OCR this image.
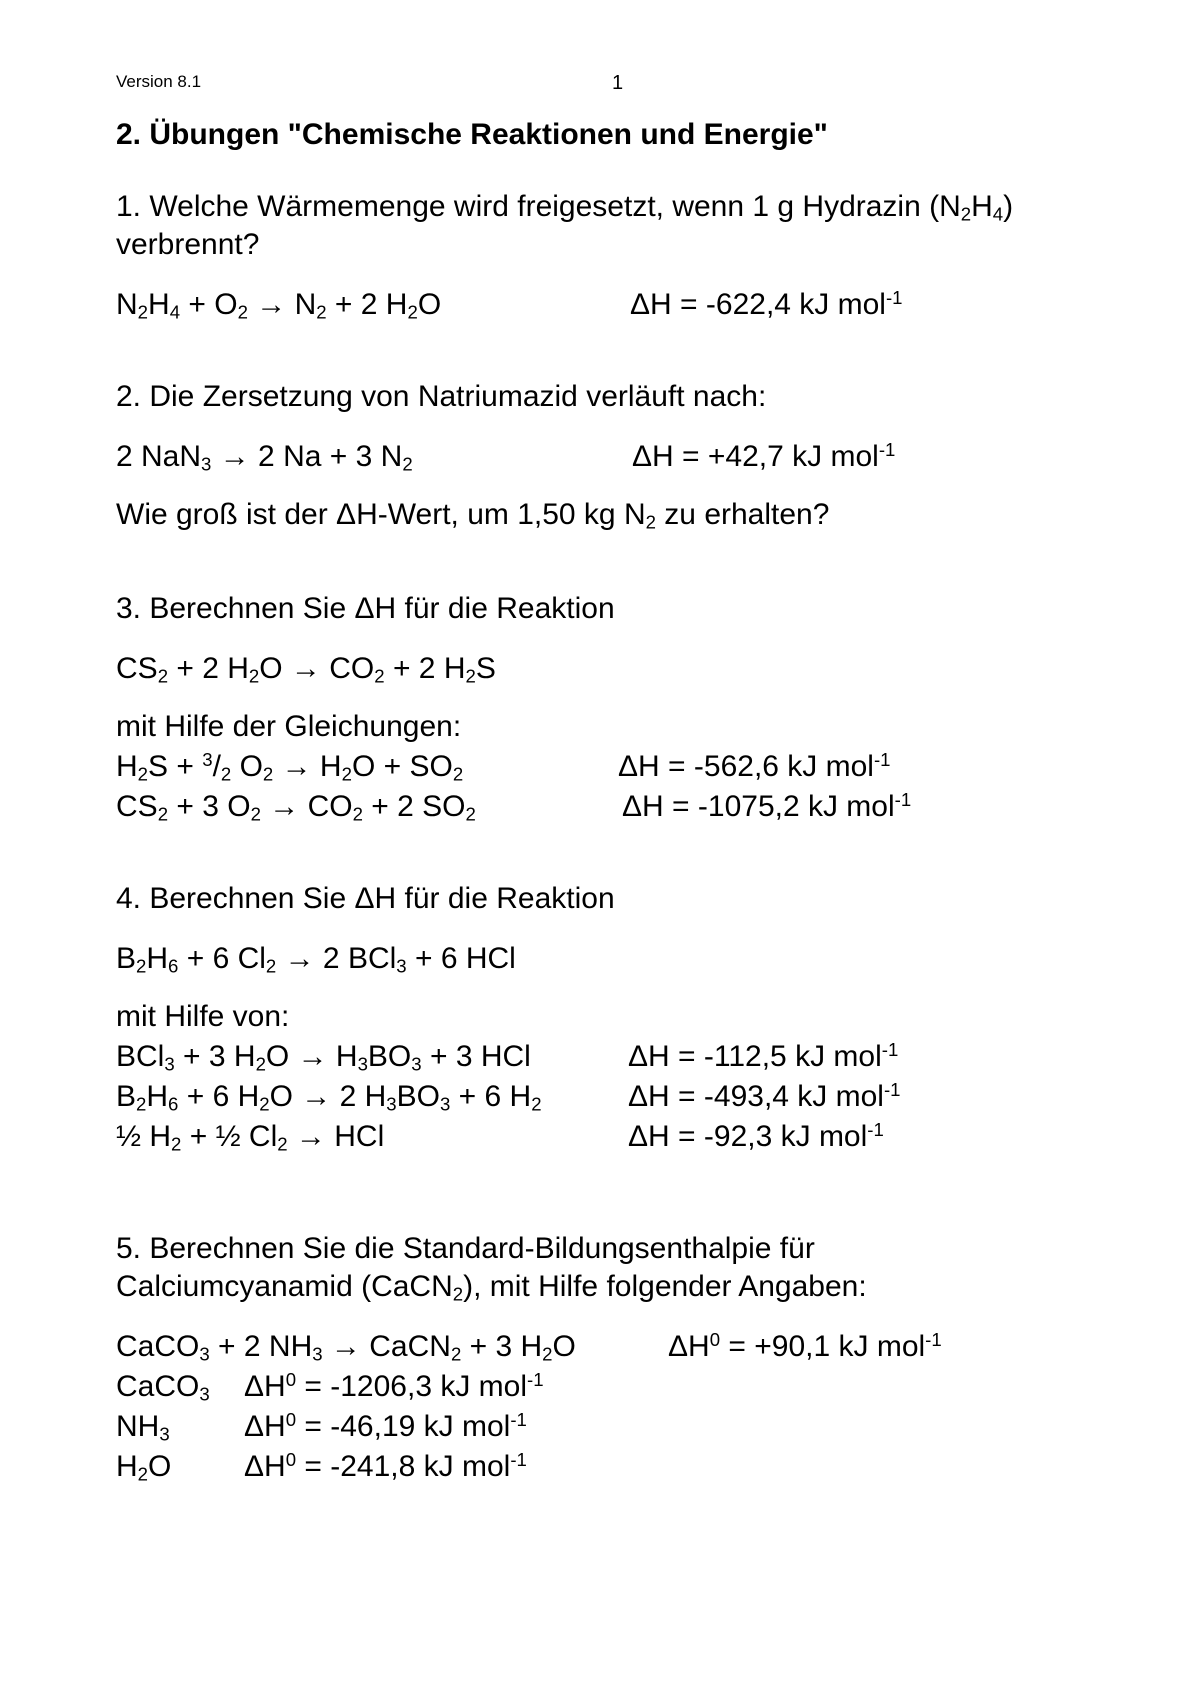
Version 8.1	1
2. Übungen "Chemische Reaktionen und Energie"
1. Welche Wärmemenge wird freigesetzt, wenn 1 g Hydrazin $(N_2H_4)$
verbrennt?
$N_2H_4 + O_2 \to N_2 + 2$ $H_2O$	ΔH = -622,4 kJ mol$^{-1}$
2. Die Zersetzung von Natriumazid verläuft nach:
2 NaN$_3$ → 2 Na + 3 $N_2$	ΔH = +42,7 kJ mol$^{-1}$
Wie groß ist der ΔH-Wert, um 1,50 kg $N_2$ zu erhalten?
3. Berechnen Sie ΔH für die Reaktion
$CS_2 + 2$ $H_2O \to CO_2 + 2$ $H_2S$
mit Hilfe der Gleichungen:
$H_2S + ^3/_2$ $O_2 \to H_2O + SO_2$	ΔH = -562,6 kJ mol$^{-1}$
$CS_2 + 3$ $O_2 \to CO_2 + 2$ $SO_2$	ΔH = -1075,2 kJ mol$^{-1}$
4. Berechnen Sie ΔH für die Reaktion
$B_2H_6 + 6$ $Cl_2 \to 2$ BCl$_3$ + 6 HCl
mit Hilfe von:
BCl$_3$ + 3 $H_2O \to H_3BO_3 + 3$ HCl	ΔH = -112,5 kJ mol$^{-1}$
$B_2H_6 + 6$ $H_2O \to 2$ $H_3BO_3 + 6$ $H_2$	ΔH = -493,4 kJ mol$^{-1}$
½ $H_2$ + ½ $Cl_2$ → HCl	ΔH = -92,3 kJ mol$^{-1}$
5. Berechnen Sie die Standard-Bildungsenthalpie für
Calciumcyanamid (CaCN$_2$), mit Hilfe folgender Angaben:
CaCO$_3$ + 2 $NH_3$ → CaCN$_2$ + 3 $H_2O$	$\Delta H^0 = +90,1$ kJ mol$^{-1}$
CaCO$_3$ $\Delta H^0 = -1206,3$ kJ mol$^{-1}$
$NH_3$ $\Delta H^0 = -46,19$ kJ mol$^{-1}$
$H_2O$ $\Delta H^0 = -241,8$ kJ mol$^{-1}$
